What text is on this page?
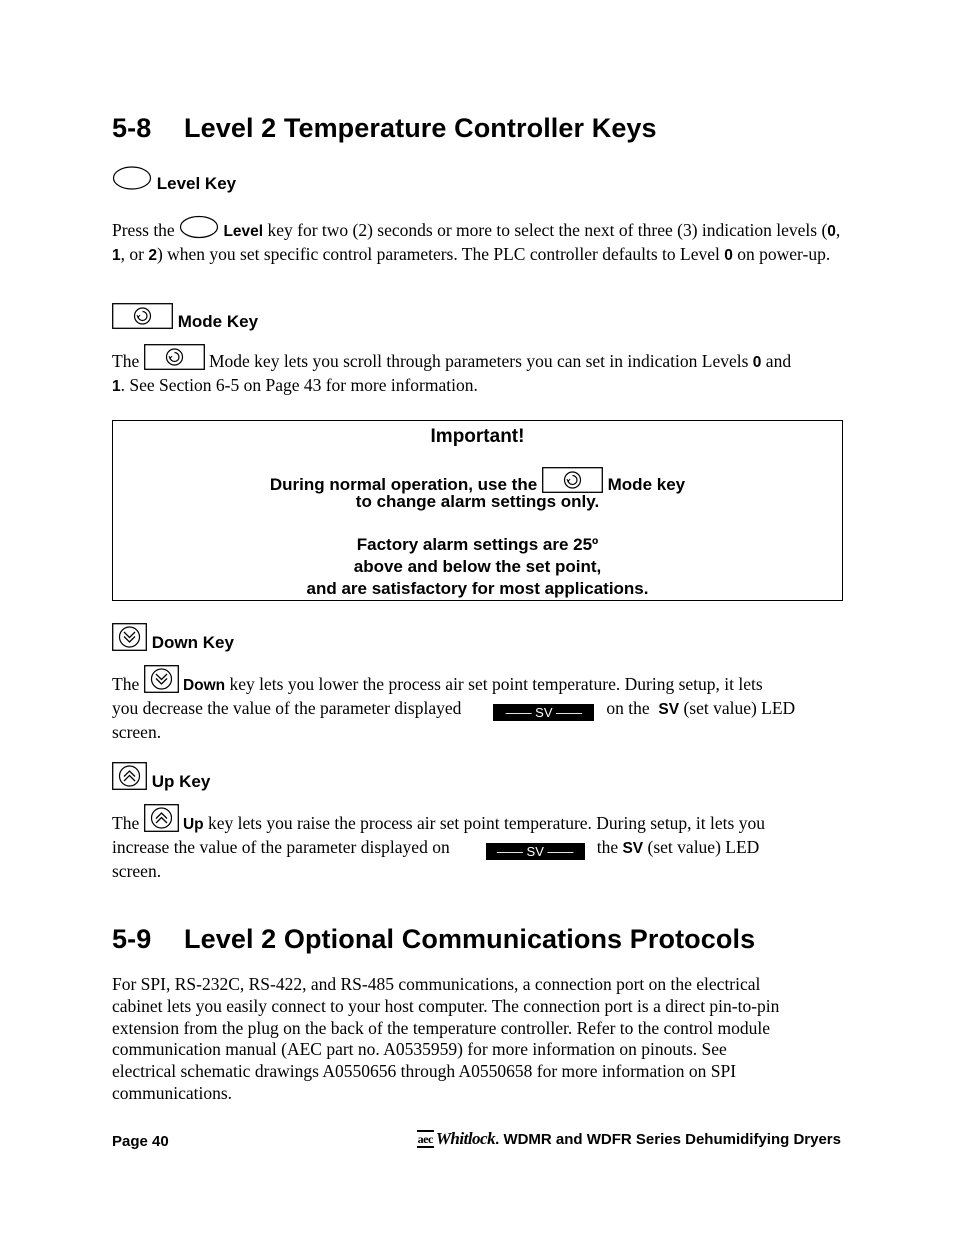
5-8 Level 2 Temperature Controller Keys
Level Key

Press the	Level key for two (2) seconds or more to select the next of three (3) indication levels (0, 1, or 2) when you set specific control parameters. The PLC controller defaults to Level 0 on power-up.

Mode Key

The	Mode key lets you scroll through parameters you can set in indication Levels 0 and
1. See Section 6-5 on Page 43 for more information.

Important!
During normal operation, use the	Mode key
to change alarm settings only.
Factory alarm settings are 25º
above and below the set point,
and are satisfactory for most applications.
Down Key

The	Down key lets you lower the process air set point temperature. During setup, it lets
you decrease the value of the parameter displayed	—— SV —— on the SV (set value) LED
screen.

Up Key

The	Up key lets you raise the process air set point temperature. During setup, it lets you
increase the value of the parameter displayed on	—— SV —— the SV (set value) LED
screen.

5-9 Level 2 Optional Communications Protocols

For SPI, RS-232C, RS-422, and RS-485 communications, a connection port on the electrical
cabinet lets you easily connect to your host computer. The connection port is a direct pin-to-pin
extension from the plug on the back of the temperature controller. Refer to the control module
communication manual (AEC part no. A0535959) for more information on pinouts. See
electrical schematic drawings A0550656 through A0550658 for more information on SPI
communications.

Page 40	aec Whitlock. WDMR and WDFR Series Dehumidifying Dryers
